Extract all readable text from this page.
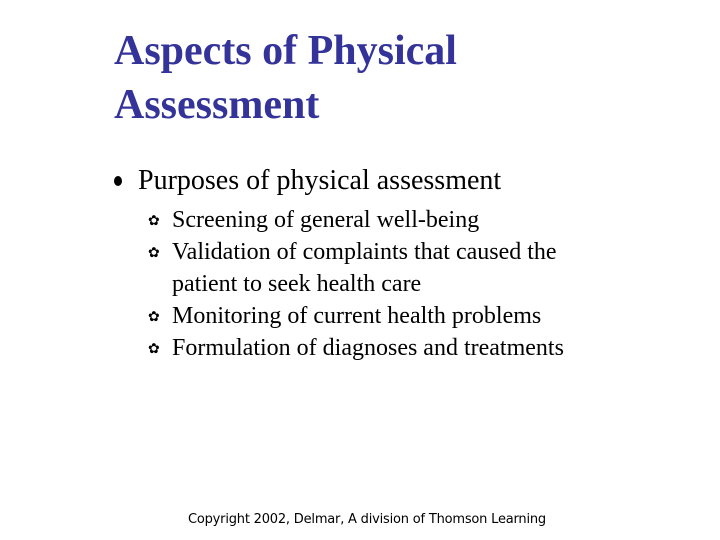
Aspects of Physical
Assessment
Purposes of physical assessment
✿ Screening of general well-being
✿ Validation of complaints that caused the patient to seek health care
✿ Monitoring of current health problems
✿ Formulation of diagnoses and treatments
Copyright 2002, Delmar, A division of Thomson Learning
